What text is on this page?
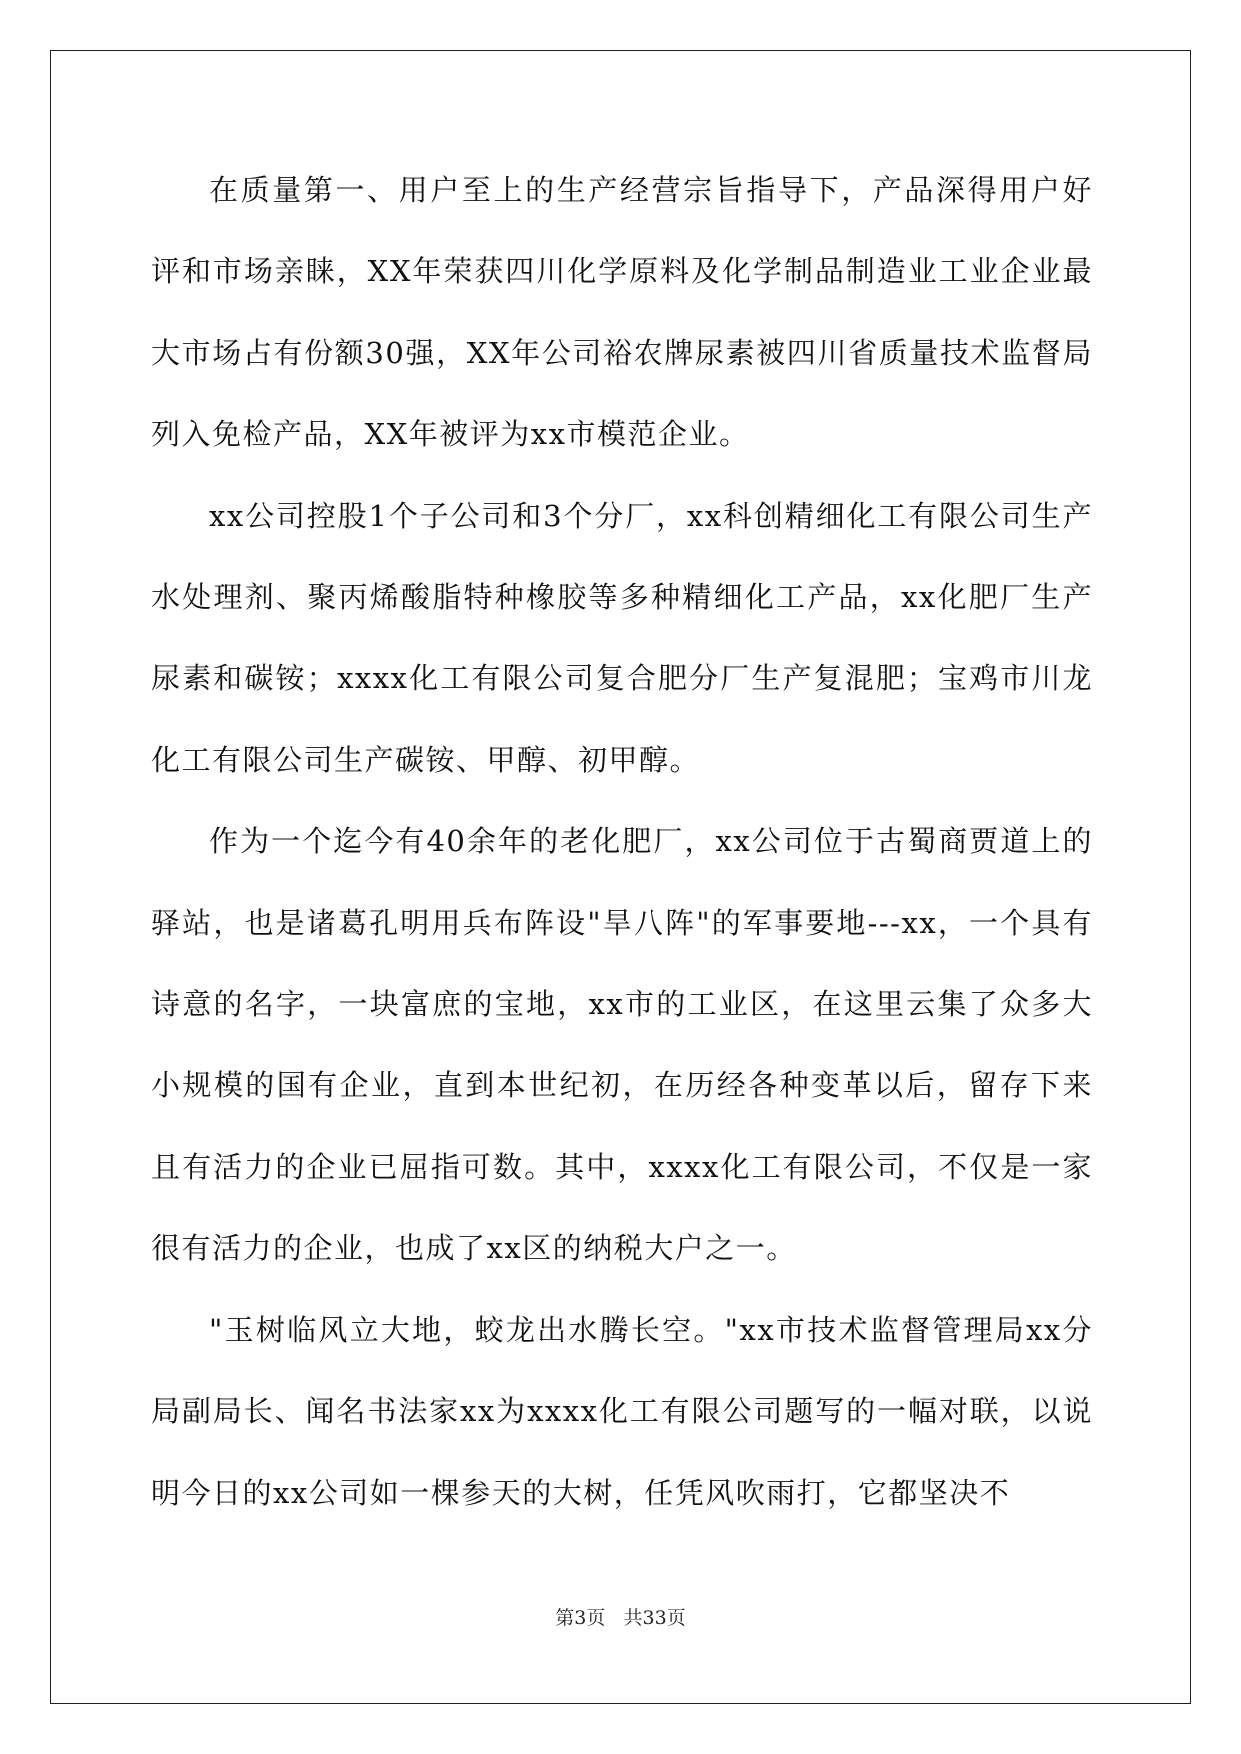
在质量第一、用户至上的生产经营宗旨指导下，产品深得用户好评和市场亲睐，XX年荣获四川化学原料及化学制品制造业工业企业最大市场占有份额30强，XX年公司裕农牌尿素被四川省质量技术监督局列入免检产品，XX年被评为xx市模范企业。

xx公司控股1个子公司和3个分厂，xx科创精细化工有限公司生产水处理剂、聚丙烯酸脂特种橡胶等多种精细化工产品，xx化肥厂生产尿素和碳铵；xxxx化工有限公司复合肥分厂生产复混肥；宝鸡市川龙化工有限公司生产碳铵、甲醇、初甲醇。

作为一个迄今有40余年的老化肥厂，xx公司位于古蜀商贾道上的驿站，也是诸葛孔明用兵布阵设"旱八阵"的军事要地---xx，一个具有诗意的名字，一块富庶的宝地，xx市的工业区，在这里云集了众多大小规模的国有企业，直到本世纪初，在历经各种变革以后，留存下来且有活力的企业已屈指可数。其中，xxxx化工有限公司，不仅是一家很有活力的企业，也成了xx区的纳税大户之一。

"玉树临风立大地，蛟龙出水腾长空。"xx市技术监督管理局xx分局副局长、闻名书法家xx为xxxx化工有限公司题写的一幅对联，以说明今日的xx公司如一棵参天的大树，任凭风吹雨打，它都坚决不

第3页 共33页
